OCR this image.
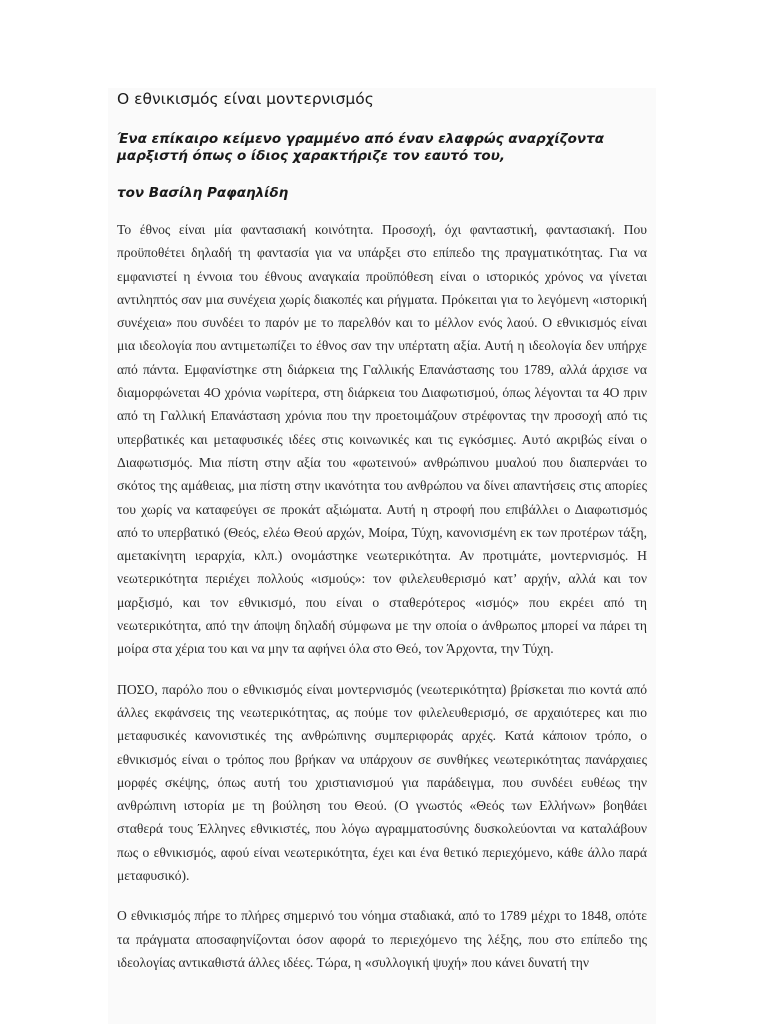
Ο εθνικισμός είναι μοντερνισμός

Ένα επίκαιρο κείμενο γραμμένο από έναν ελαφρώς αναρχίζοντα μαρξιστή όπως ο ίδιος χαρακτήριζε τον εαυτό του,

τον Βασίλη Ραφαηλίδη

Το έθνος είναι μία φαντασιακή κοινότητα. Προσοχή, όχι φανταστική, φαντασιακή. Που προϋποθέτει δηλαδή τη φαντασία για να υπάρξει στο επίπεδο της πραγματικότητας. Για να εμφανιστεί η έννοια του έθνους αναγκαία προϋπόθεση είναι ο ιστορικός χρόνος να γίνεται αντιληπτός σαν μια συνέχεια χωρίς διακοπές και ρήγματα. Πρόκειται για το λεγόμενη «ιστορική συνέχεια» που συνδέει το παρόν με το παρελθόν και το μέλλον ενός λαού. Ο εθνικισμός είναι μια ιδεολογία που αντιμετωπίζει το έθνος σαν την υπέρτατη αξία. Αυτή η ιδεολογία δεν υπήρχε από πάντα. Εμφανίστηκε στη διάρκεια της Γαλλικής Επανάστασης του 1789, αλλά άρχισε να διαμορφώνεται 4Ο χρόνια νωρίτερα, στη διάρκεια του Διαφωτισμού, όπως λέγονται τα 4Ο πριν από τη Γαλλική Επανάσταση χρόνια που την προετοιμάζουν στρέφοντας την προσοχή από τις υπερβατικές και μεταφυσικές ιδέες στις κοινωνικές και τις εγκόσμιες. Αυτό ακριβώς είναι ο Διαφωτισμός. Μια πίστη στην αξία του «φωτεινού» ανθρώπινου μυαλού που διαπερνάει το σκότος της αμάθειας, μια πίστη στην ικανότητα του ανθρώπου να δίνει απαντήσεις στις απορίες του χωρίς να καταφεύγει σε προκάτ αξιώματα. Αυτή η στροφή που επιβάλλει ο Διαφωτισμός από το υπερβατικό (Θεός, ελέω Θεού αρχών, Μοίρα, Τύχη, κανονισμένη εκ των προτέρων τάξη, αμετακίνητη ιεραρχία, κλπ.) ονομάστηκε νεωτερικότητα. Αν προτιμάτε, μοντερνισμός. Η νεωτερικότητα περιέχει πολλούς «ισμούς»: τον φιλελευθερισμό κατ’ αρχήν, αλλά και τον μαρξισμό, και τον εθνικισμό, που είναι ο σταθερότερος «ισμός» που εκρέει από τη νεωτερικότητα, από την άποψη δηλαδή σύμφωνα με την οποία ο άνθρωπος μπορεί να πάρει τη μοίρα στα χέρια του και να μην τα αφήνει όλα στο Θεό, τον Άρχοντα, την Τύχη.

ΠΟΣΟ, παρόλο που ο εθνικισμός είναι μοντερνισμός (νεωτερικότητα) βρίσκεται πιο κοντά από άλλες εκφάνσεις της νεωτερικότητας, ας πούμε τον φιλελευθερισμό, σε αρχαιότερες και πιο μεταφυσικές κανονιστικές της ανθρώπινης συμπεριφοράς αρχές. Κατά κάποιον τρόπο, ο εθνικισμός είναι ο τρόπος που βρήκαν να υπάρχουν σε συνθήκες νεωτερικότητας πανάρχαιες μορφές σκέψης, όπως αυτή του χριστιανισμού για παράδειγμα, που συνδέει ευθέως την ανθρώπινη ιστορία με τη βούληση του Θεού. (Ο γνωστός «Θεός των Ελλήνων» βοηθάει σταθερά τους Έλληνες εθνικιστές, που λόγω αγραμματοσύνης δυσκολεύονται να καταλάβουν πως ο εθνικισμός, αφού είναι νεωτερικότητα, έχει και ένα θετικό περιεχόμενο, κάθε άλλο παρά μεταφυσικό).

Ο εθνικισμός πήρε το πλήρες σημερινό του νόημα σταδιακά, από το 1789 μέχρι το 1848, οπότε τα πράγματα αποσαφηνίζονται όσον αφορά το περιεχόμενο της λέξης, που στο επίπεδο της ιδεολογίας αντικαθιστά άλλες ιδέες. Τώρα, η «συλλογική ψυχή» που κάνει δυνατή την
